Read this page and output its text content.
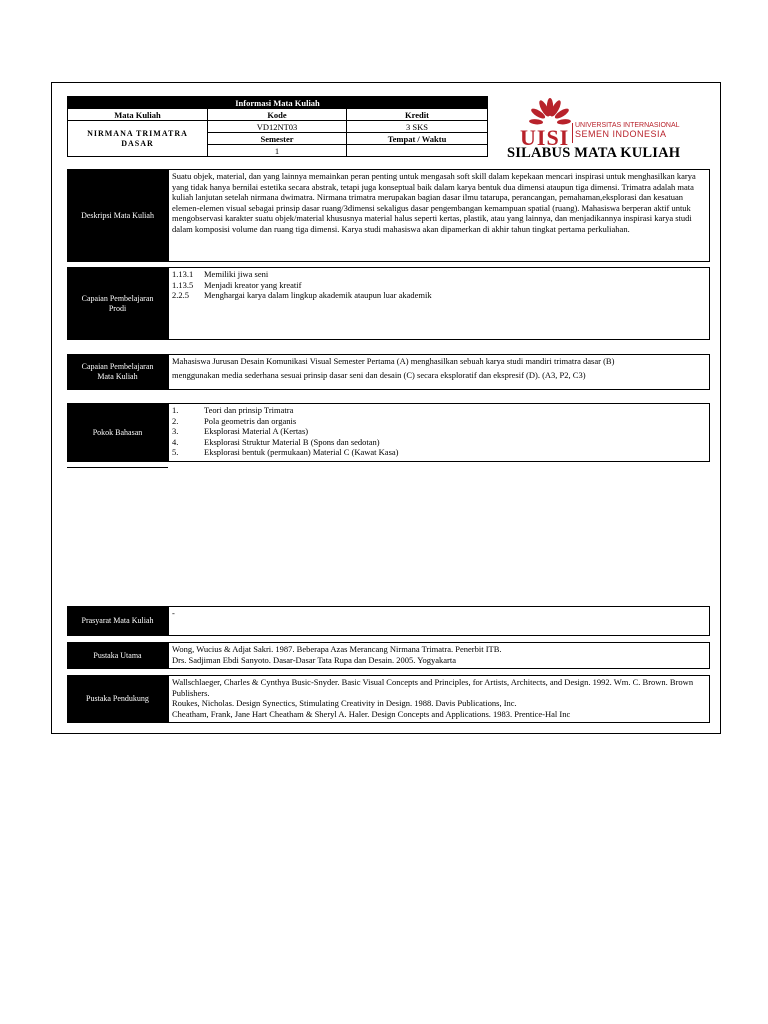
Informasi Mata Kuliah		
Mata Kuliah	Kode	Kredit
NIRMANA TRIMATRA DASAR	VD12NT03	3 SKS
	Semester	Tempat / Waktu
	1	
UISI UNIVERSITAS INTERNASIONAL
SEMEN INDONESIA
SILABUS MATA KULIAH
Deskripsi Mata Kuliah

Suatu objek, material, dan yang lainnya memainkan peran penting untuk mengasah soft skill dalam kepekaan mencari inspirasi untuk menghasilkan karya yang tidak hanya bernilai estetika secara abstrak, tetapi juga konseptual baik dalam karya bentuk dua dimensi ataupun tiga dimensi. Trimatra adalah mata kuliah lanjutan setelah nirmana dwimatra. Nirmana trimatra merupakan bagian dasar ilmu tatarupa, perancangan, pemahaman,eksplorasi dan kesatuan elemen-elemen visual sebagai prinsip dasar ruang/3dimensi sekaligus dasar pengembangan kemampuan spatial (ruang). Mahasiswa berperan aktif untuk mengobservasi karakter suatu objek/material khususnya material halus seperti kertas, plastik, atau yang lainnya, dan menjadikannya inspirasi karya studi dalam komposisi volume dan ruang tiga dimensi. Karya studi mahasiswa akan dipamerkan di akhir tahun tingkat pertama perkuliahan.

Capaian Pembelajaran Prodi
1.13.1 Memiliki jiwa seni
1.13.5 Menjadi kreator yang kreatif
2.2.5 Menghargai karya dalam lingkup akademik ataupun luar akademik
Capaian Pembelajaran Mata Kuliah
Mahasiswa Jurusan Desain Komunikasi Visual Semester Pertama (A) menghasilkan sebuah karya studi mandiri trimatra dasar (B)
menggunakan media sederhana sesuai prinsip dasar seni dan desain (C) secara eksploratif dan ekspresif (D). (A3, P2, C3)
Pokok Bahasan
1.	Teori dan prinsip Trimatra
2.	Pola geometris dan organis
3.	Eksplorasi Material A (Kertas)
4.	Eksplorasi Struktur Material B (Spons dan sedotan)
5.	Eksplorasi bentuk (permukaan) Material C (Kawat Kasa)
Prasyarat Mata Kuliah
-
Pustaka Utama
1. Wong, Wucius & Adjat Sakri. 1987. Beberapa Azas Merancang Nirmana Trimatra. Penerbit ITB.
2. Drs. Sadjiman Ebdi Sanyoto. Dasar-Dasar Tata Rupa dan Desain. 2005. Yogyakarta
Pustaka Pendukung
1. Wallschlaeger, Charles & Cynthya Busic-Snyder. Basic Visual Concepts and Principles, for Artists, Architects, and Design. 1992. Wm. C. Brown. Brown Publishers.
2. Roukes, Nicholas. Design Synectics, Stimulating Creativity in Design. 1988. Davis Publications, Inc.
3. Cheatham, Frank, Jane Hart Cheatham & Sheryl A. Haler. Design Concepts and Applications. 1983. Prentice-Hal Inc
